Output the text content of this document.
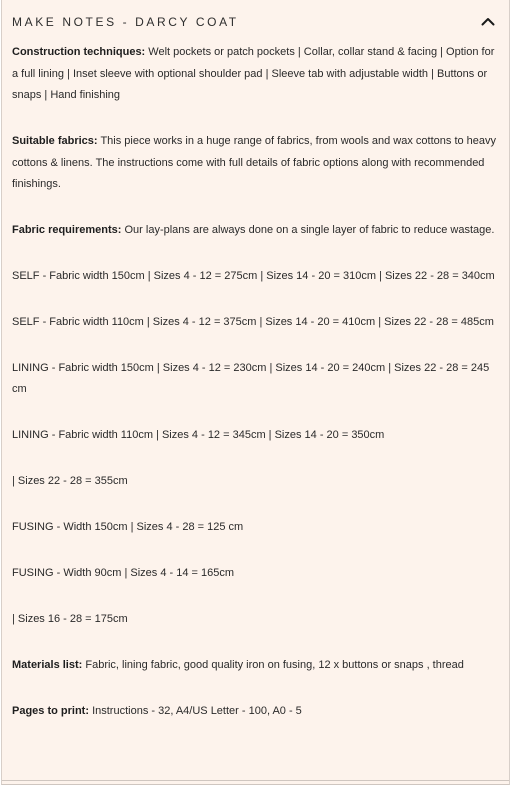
MAKE NOTES - DARCY COAT

Construction techniques: Welt pockets or patch pockets | Collar, collar stand & facing | Option for a full lining | Inset sleeve with optional shoulder pad | Sleeve tab with adjustable width | Buttons or snaps | Hand finishing

Suitable fabrics: This piece works in a huge range of fabrics, from wools and wax cottons to heavy cottons & linens. The instructions come with full details of fabric options along with recommended finishings.

Fabric requirements: Our lay-plans are always done on a single layer of fabric to reduce wastage.

SELF - Fabric width 150cm | Sizes 4 - 12 = 275cm | Sizes 14 - 20 = 310cm | Sizes 22 - 28 = 340cm

SELF - Fabric width 110cm | Sizes 4 - 12 = 375cm | Sizes 14 - 20 = 410cm | Sizes 22 - 28 = 485cm

LINING - Fabric width 150cm | Sizes 4 - 12 = 230cm | Sizes 14 - 20 = 240cm | Sizes 22 - 28 = 245 cm

LINING - Fabric width 110cm | Sizes 4 - 12 = 345cm | Sizes 14 - 20 = 350cm

| Sizes 22 - 28 = 355cm

FUSING - Width 150cm | Sizes 4 - 28 = 125 cm

FUSING - Width 90cm | Sizes 4 - 14 = 165cm

| Sizes 16 - 28 = 175cm

Materials list: Fabric, lining fabric, good quality iron on fusing, 12 x buttons or snaps , thread

Pages to print: Instructions - 32, A4/US Letter - 100, A0 - 5
